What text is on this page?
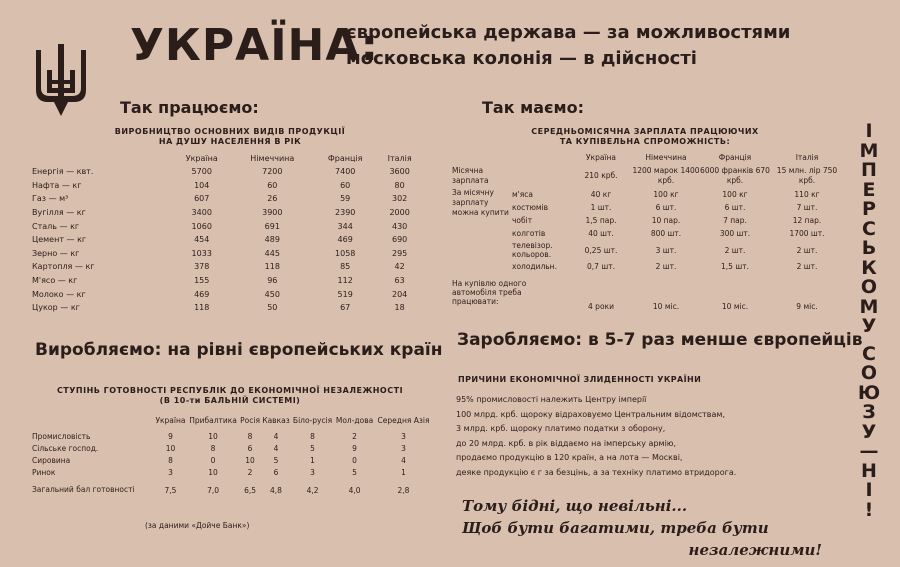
УКРАЇНА:
європейська держава — за можливостями
московська колонія — в дійсності
Так працюємо:
ВИРОБНИЦТВО ОСНОВНИХ ВИДІВ ПРОДУКЦІЇ
НА ДУШУ НАСЕЛЕННЯ В РІК
	Україна	Німеччина	Франція	Італія
Енергія — квт.	5700	7200	7400	3600
Нафта — кг	104	60	60	80
Газ — м³	607	26	59	302
Вугілля — кг	3400	3900	2390	2000
Сталь — кг	1060	691	344	430
Цемент — кг	454	489	469	690
Зерно — кг	1033	445	1058	295
Картопля — кг	378	118	85	42
М'ясо — кг	155	96	112	63
Молоко — кг	469	450	519	204
Цукор — кг	118	50	67	18
Виробляємо: на рівні європейських країн
СТУПІНЬ ГОТОВНОСТІ РЕСПУБЛІК ДО ЕКОНОМІЧНОЇ НЕЗАЛЕЖНОСТІ
(В 10-ти БАЛЬНІЙ СИСТЕМІ)
	Україна	Прибалтика	Росія	Кавказ	Біло-русія	Мол-дова	Середня Азія
Промисловість	9	10	8	4	8	2	3
Сільське господ.	10	8	6	4	5	9	3
Сировина	8	0	10	5	1	0	4
Ринок	3	10	2	6	3	5	1
Загальний бал готовності	7,5	7,0	6,5	4,8	4,2	4,0	2,8
(за даними «Дойче Банк»)
Так маємо:
СЕРЕДНЬОМІСЯЧНА ЗАРПЛАТА ПРАЦЮЮЧИХ
ТА КУПІВЕЛЬНА СПРОМОЖНІСТЬ:
		Україна	Німеччина	Франція	Італія
Місячна зарплата		210 крб.	1200 марок 1400 крб.	6000 франків 670 крб.	15 млн. лір 750 крб.
За місячну зарплату можна купити	м'яса	40 кг	100 кг	100 кг	110 кг
	костюмів	1 шт.	6 шт.	6 шт.	7 шт.
	чобіт	1,5 пар.	10 пар.	7 пар.	12 пар.
	колготів	40 шт.	800 шт.	300 шт.	1700 шт.
	телевізор. кольоров.	0,25 шт.	3 шт.	2 шт.	2 шт.
	холодильн.	0,7 шт.	2 шт.	1,5 шт.	2 шт.
На купівлю одного автомобіля треба працювати:		4 роки	10 міс.	10 міс.	9 міс.
Заробляємо: в 5-7 раз менше європейців
ПРИЧИНИ ЕКОНОМІЧНОЇ ЗЛИДЕННОСТІ УКРАЇНИ
95% промисловості належить Центру імперії
100 млрд. крб. щороку відраховуємо Центральним відомствам,
3 млрд. крб. щороку платимо податки з оборону,
до 20 млрд. крб. в рік віддаємо на імперську армію,
продаємо продукцію в 120 країн, а на лота — Москві,
деяке продукцію є г за безцінь, а за техніку платимо втридорога.
Тому бідні, що невільні...
Щоб бути багатими, треба бути
незалежними!
І
М
П
Е
Р
С
Ь
К
О
М
У
С
О
Ю
З
У
—
Н
І
!
